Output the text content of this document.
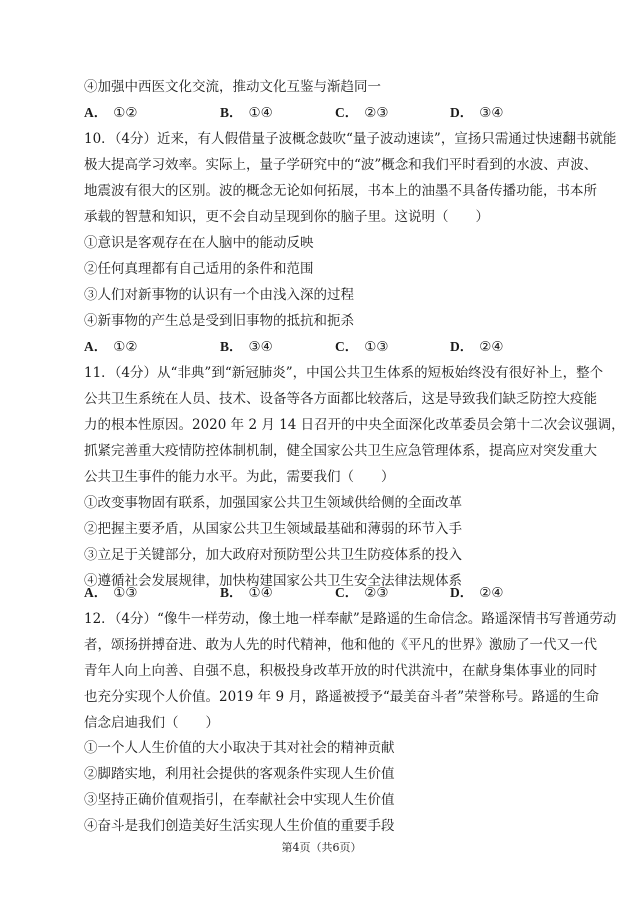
④加强中西医文化交流，推动文化互鉴与渐趋同一
A． ①②	B． ①④	C． ②③	D． ③④
10．（4分）近来，有人假借量子波概念鼓吹“量子波动速读”，宣扬只需通过快速翻书就能
极大提高学习效率。实际上，量子学研究中的“波”概念和我们平时看到的水波、声波、
地震波有很大的区别。波的概念无论如何拓展，书本上的油墨不具备传播功能，书本所
承载的智慧和知识，更不会自动呈现到你的脑子里。这说明（　　）
①意识是客观存在在人脑中的能动反映
②任何真理都有自己适用的条件和范围
③人们对新事物的认识有一个由浅入深的过程
④新事物的产生总是受到旧事物的抵抗和扼杀
A． ①②	B． ③④	C． ①③	D． ②④
11．（4分）从“非典”到“新冠肺炎”，中国公共卫生体系的短板始终没有很好补上，整个
公共卫生系统在人员、技术、设备等各方面都比较落后，这是导致我们缺乏防控大疫能
力的根本性原因。2020 年 2 月 14 日召开的中央全面深化改革委员会第十二次会议强调，
抓紧完善重大疫情防控体制机制，健全国家公共卫生应急管理体系，提高应对突发重大
公共卫生事件的能力水平。为此，需要我们（　　）
①改变事物固有联系，加强国家公共卫生领域供给侧的全面改革
②把握主要矛盾，从国家公共卫生领域最基础和薄弱的环节入手
③立足于关键部分，加大政府对预防型公共卫生防疫体系的投入
④遵循社会发展规律，加快构建国家公共卫生安全法律法规体系
A． ①③	B． ①④	C． ②③	D． ②④
12．（4分）“像牛一样劳动，像土地一样奉献”是路遥的生命信念。路遥深情书写普通劳动
者，颂扬拼搏奋进、敢为人先的时代精神，他和他的《平凡的世界》激励了一代又一代
青年人向上向善、自强不息，积极投身改革开放的时代洪流中，在献身集体事业的同时
也充分实现个人价值。2019 年 9 月，路遥被授予“最美奋斗者”荣誉称号。路遥的生命
信念启迪我们（　　）
①一个人人生价值的大小取决于其对社会的精神贡献
②脚踏实地，利用社会提供的客观条件实现人生价值
③坚持正确价值观指引，在奉献社会中实现人生价值
④奋斗是我们创造美好生活实现人生价值的重要手段
第4页（共6页）
